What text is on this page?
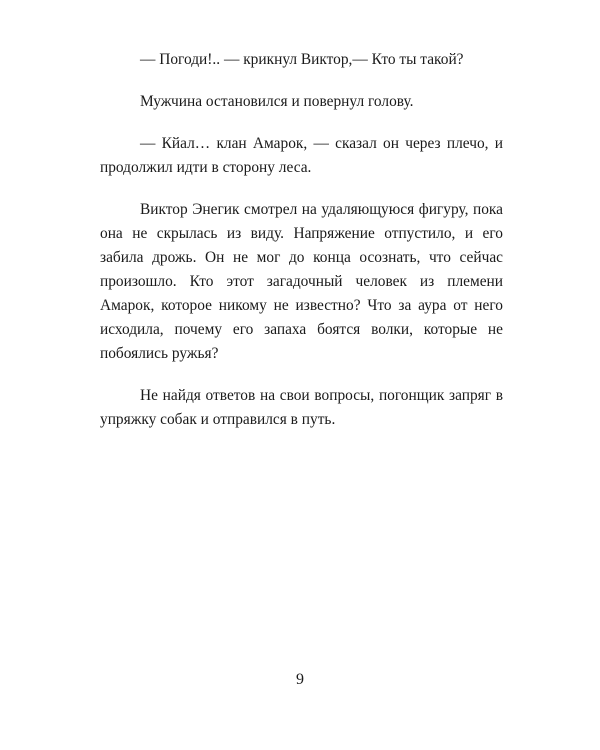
— Погоди!.. — крикнул Виктор,— Кто ты такой?

Мужчина остановился и повернул голову.

— Кйал… клан Амарок, — сказал он через плечо, и продолжил идти в сторону леса.

Виктор Энегик смотрел на удаляющуюся фигуру, пока она не скрылась из виду. Напряжение отпустило, и его забила дрожь. Он не мог до конца осознать, что сейчас произошло. Кто этот загадочный человек из племени Амарок, которое никому не известно? Что за аура от него исходила, почему его запаха боятся волки, которые не побоялись ружья?

Не найдя ответов на свои вопросы, погонщик запряг в упряжку собак и отправился в путь.

9
